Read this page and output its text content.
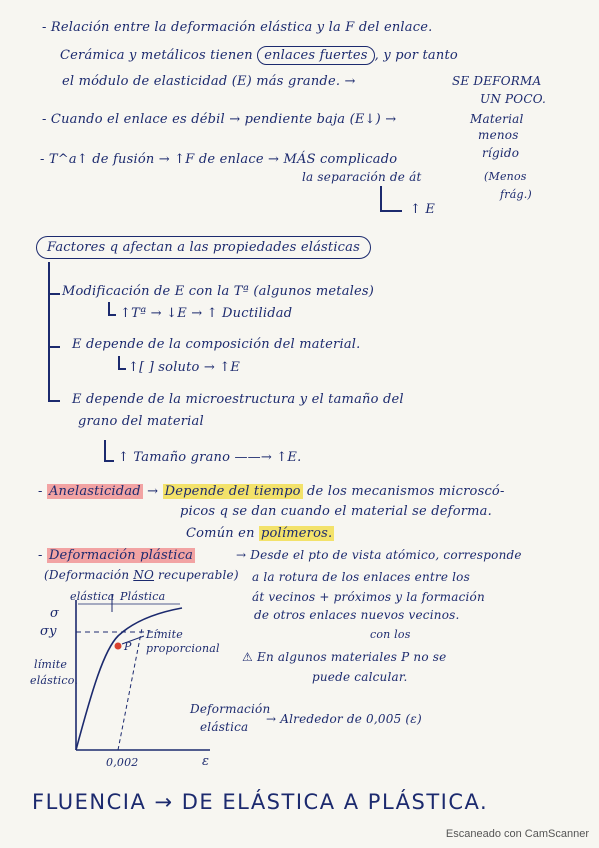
- Relación entre la deformación elástica y la F del enlace.
Cerámica y metálicos tienen enlaces fuertes , y por tanto
el módulo de elasticidad (E) más grande. →	SE DEFORMA
UN POCO.
- Cuando el enlace es débil → pendiente baja (E↓) →	Material
menos
rígido
(Menos
frág.)
- T^a↑ de fusión → ↑F de enlace → MÁS complicado
la separación de át
↑ E
Factores q afectan a las propiedades elásticas
Modificación de E con la Tª (algunos metales)
↑Tª → ↓E → ↑ Ductilidad
E depende de la composición del material.
↑[ ] soluto → ↑E
E depende de la microestructura y el tamaño del
grano del material
↑ Tamaño grano ——→ ↑E.
- Anelasticidad → Depende del tiempo de los mecanismos microscó-
picos q se dan cuando el material se deforma.
Común en polímeros.
- Deformación plástica
(Deformación NO recuperable)
→ Desde el pto de vista atómico, corresponde
a la rotura de los enlaces entre los
át vecinos + próximos y la formación
de otros enlaces nuevos vecinos.
con los
⚠ En algunos materiales P no se
puede calcular.
Deformación
elástica
→ Alrededor de 0,005 (ε)
elástica Plástica
σ
σy
límite
elástico.
P
Límite
proporcional
0,002	ε
FLUENCIA → DE ELÁSTICA A PLÁSTICA.
Escaneado con CamScanner
